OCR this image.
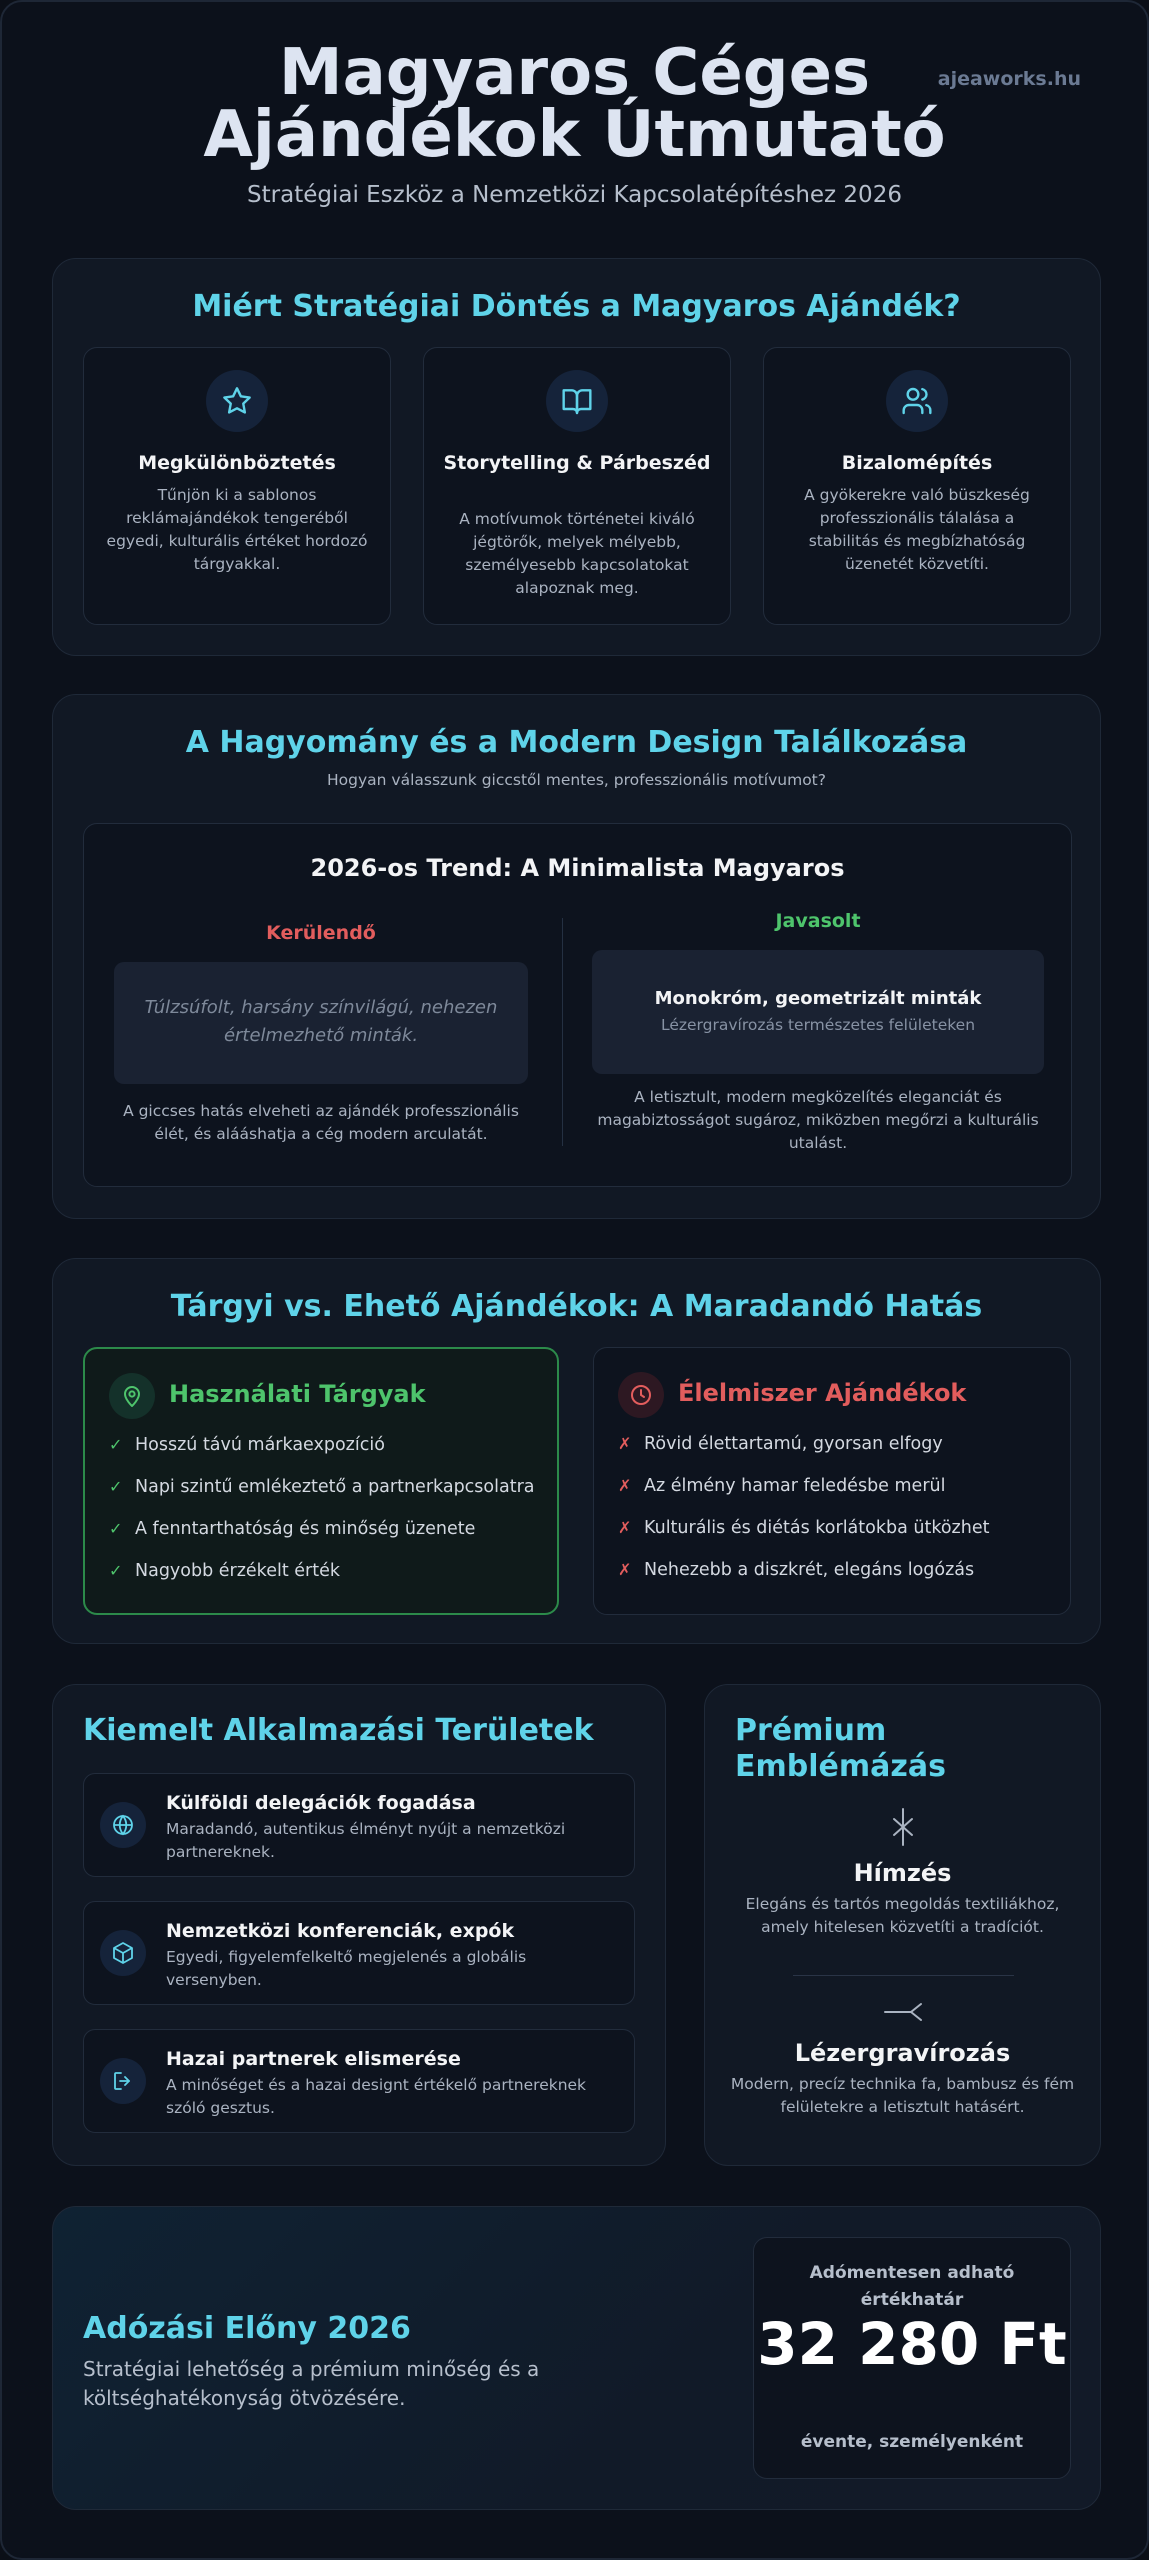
ajeaworks.hu
Magyaros Céges Ajándékok Útmutató
Stratégiai Eszköz a Nemzetközi Kapcsolatépítéshez 2026
Miért Stratégiai Döntés a Magyaros Ajándék?
Megkülönböztetés

Tűnjön ki a sablonos reklámajándékok tengeréből egyedi, kulturális értéket hordozó tárgyakkal.

Storytelling & Párbeszéd

A motívumok történetei kiváló jégtörők, melyek mélyebb, személyesebb kapcsolatokat alapoznak meg.

Bizalomépítés

A gyökerekre való büszkeség professzionális tálalása a stabilitás és megbízhatóság üzenetét közvetíti.

A Hagyomány és a Modern Design Találkozása
Hogyan válasszunk giccstől mentes, professzionális motívumot?
2026-os Trend: A Minimalista Magyaros
Kerülendő

Túlzsúfolt, harsány színvilágú, nehezen értelmezhető minták.

A giccses hatás elveheti az ajándék professzionális élét, és alááshatja a cég modern arculatát.
Javasolt
Monokróm, geometrizált minták
Lézergravírozás természetes felületeken
A letisztult, modern megközelítés eleganciát és magabiztosságot sugároz, miközben megőrzi a kulturális utalást.
Tárgyi vs. Ehető Ajándékok: A Maradandó Hatás
Használati Tárgyak
✓ Hosszú távú márkaexpozíció
✓ Napi szintű emlékeztető a partnerkapcsolatra
✓ A fenntarthatóság és minőség üzenete
✓ Nagyobb érzékelt érték
Élelmiszer Ajándékok
✗ Rövid élettartamú, gyorsan elfogy
✗ Az élmény hamar feledésbe merül
✗ Kulturális és diétás korlátokba ütközhet
✗ Nehezebb a diszkrét, elegáns logózás
Kiemelt Alkalmazási Területek
Külföldi delegációk fogadása

Maradandó, autentikus élményt nyújt a nemzetközi partnereknek.

Nemzetközi konferenciák, expók

Egyedi, figyelemfelkeltő megjelenés a globális versenyben.

Hazai partnerek elismerése

A minőséget és a hazai designt értékelő partnereknek szóló gesztus.

Prémium Emblémázás
Hímzés

Elegáns és tartós megoldás textiliákhoz, amely hitelesen közvetíti a tradíciót.

Lézergravírozás

Modern, precíz technika fa, bambusz és fém felületekre a letisztult hatásért.

Adózási Előny 2026

Stratégiai lehetőség a prémium minőség és a költséghatékonyság ötvözésére.

Adómentesen adható értékhatár
32 280 Ft
évente, személyenként
